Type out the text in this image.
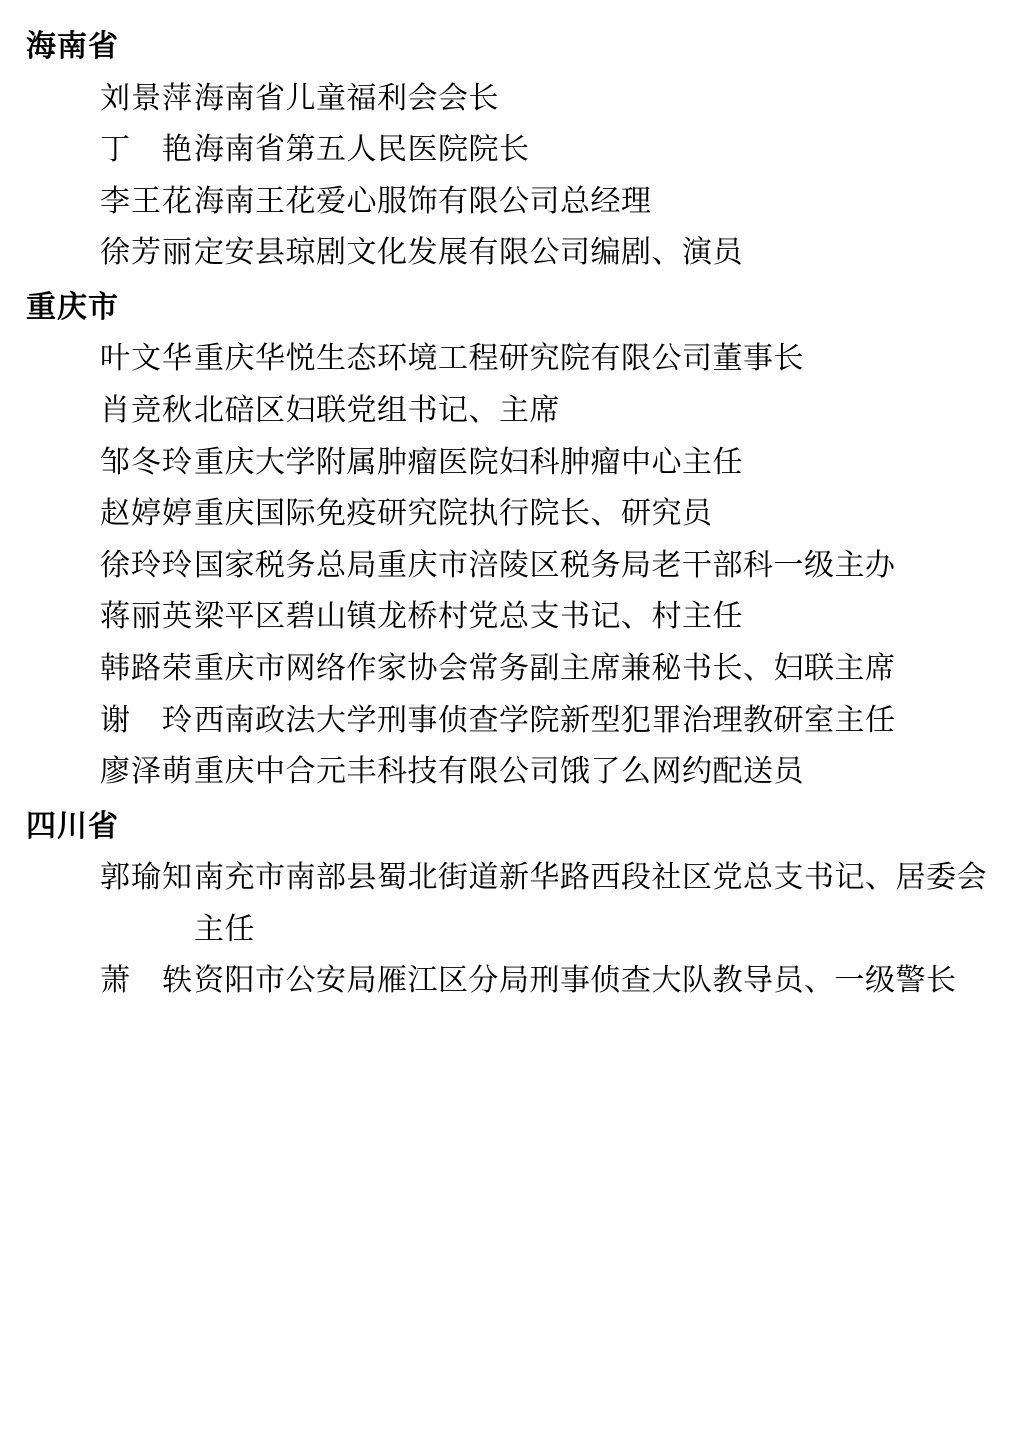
海南省
刘景萍 海南省儿童福利会会长
丁　艳 海南省第五人民医院院长
李王花 海南王花爱心服饰有限公司总经理
徐芳丽 定安县琼剧文化发展有限公司编剧、演员
重庆市
叶文华 重庆华悦生态环境工程研究院有限公司董事长
肖竞秋 北碚区妇联党组书记、主席
邹冬玲 重庆大学附属肿瘤医院妇科肿瘤中心主任
赵婷婷 重庆国际免疫研究院执行院长、研究员
徐玲玲 国家税务总局重庆市涪陵区税务局老干部科一级主办
蒋丽英 梁平区碧山镇龙桥村党总支书记、村主任
韩路荣 重庆市网络作家协会常务副主席兼秘书长、妇联主席
谢　玲 西南政法大学刑事侦查学院新型犯罪治理教研室主任
廖泽萌 重庆中合元丰科技有限公司饿了么网约配送员
四川省
郭瑜知 南充市南部县蜀北街道新华路西段社区党总支书记、居委会主任
萧　轶 资阳市公安局雁江区分局刑事侦查大队教导员、一级警长
